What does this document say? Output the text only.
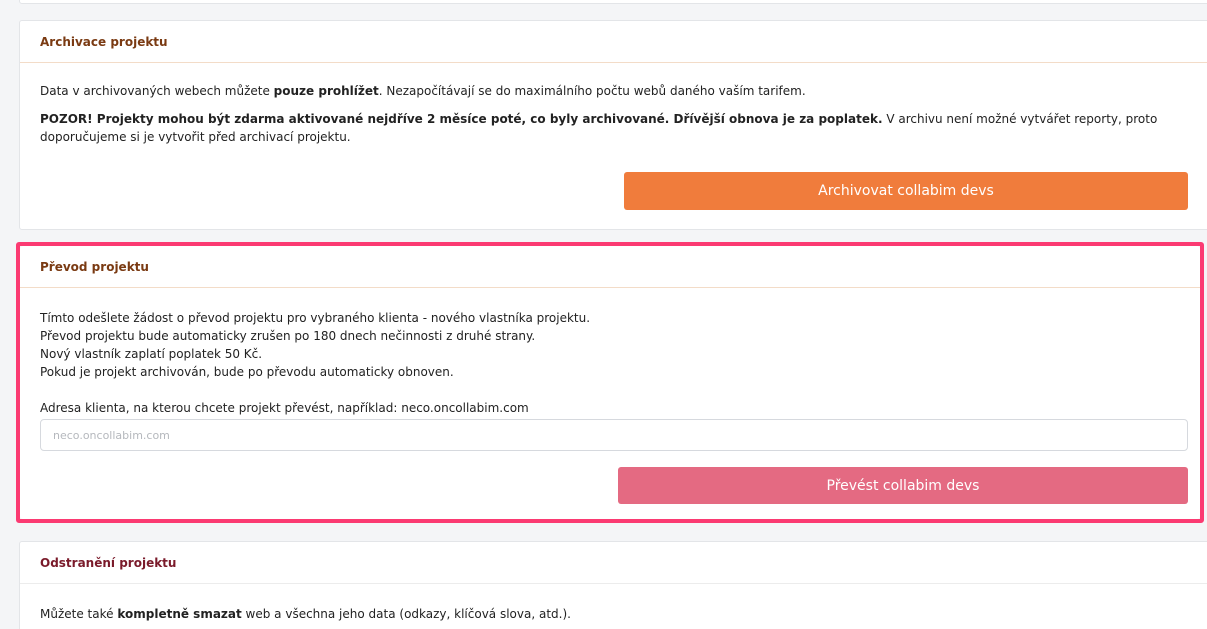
Archivace projektu

Data v archivovaných webech můžete pouze prohlížet. Nezapočítávají se do maximálního počtu webů daného vaším tarifem.

POZOR! Projekty mohou být zdarma aktivované nejdříve 2 měsíce poté, co byly archivované. Dřívější obnova je za poplatek. V archivu není možné vytvářet reporty, proto doporučujeme si je vytvořit před archivací projektu.

Archivovat collabim devs
Převod projektu
Tímto odešlete žádost o převod projektu pro vybraného klienta - nového vlastníka projektu.
Převod projektu bude automaticky zrušen po 180 dnech nečinnosti z druhé strany.
Nový vlastník zaplatí poplatek 50 Kč.
Pokud je projekt archivován, bude po převodu automaticky obnoven.
Adresa klienta, na kterou chcete projekt převést, například: neco.oncollabim.com
neco.oncollabim.com
Převést collabim devs
Odstranění projektu

Můžete také kompletně smazat web a všechna jeho data (odkazy, klíčová slova, atd.).
